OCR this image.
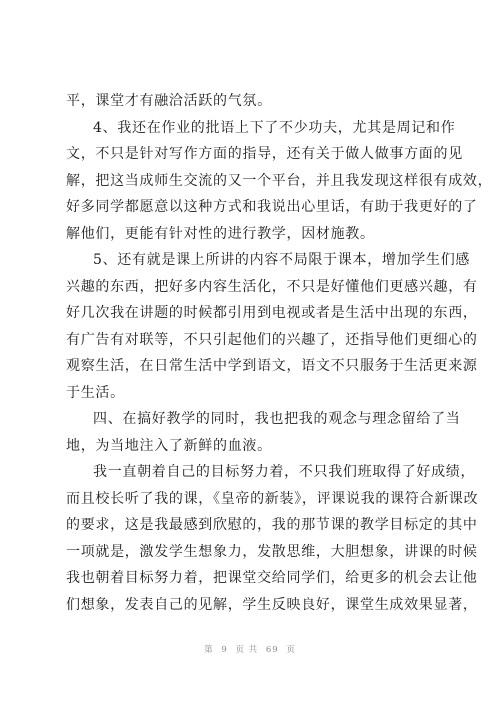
平，课堂才有融洽活跃的气氛。
4、我还在作业的批语上下了不少功夫，尤其是周记和作
文，不只是针对写作方面的指导，还有关于做人做事方面的见
解，把这当成师生交流的又一个平台，并且我发现这样很有成效，
好多同学都愿意以这种方式和我说出心里话，有助于我更好的了
解他们，更能有针对性的进行教学，因材施教。
5、还有就是课上所讲的内容不局限于课本，增加学生们感
兴趣的东西，把好多内容生活化，不只是好懂他们更感兴趣，有
好几次我在讲题的时候都引用到电视或者是生活中出现的东西，
有广告有对联等，不只引起他们的兴趣了，还指导他们更细心的
观察生活，在日常生活中学到语文，语文不只服务于生活更来源
于生活。
四、在搞好教学的同时，我也把我的观念与理念留给了当
地，为当地注入了新鲜的血液。
我一直朝着自己的目标努力着，不只我们班取得了好成绩，
而且校长听了我的课，《皇帝的新装》，评课说我的课符合新课改
的要求，这是我最感到欣慰的，我的那节课的教学目标定的其中
一项就是，激发学生想象力，发散思维，大胆想象，讲课的时候
我也朝着目标努力着，把课堂交给同学们，给更多的机会去让他
们想象，发表自己的见解，学生反映良好，课堂生成效果显著，
第 9 页 共 69 页
